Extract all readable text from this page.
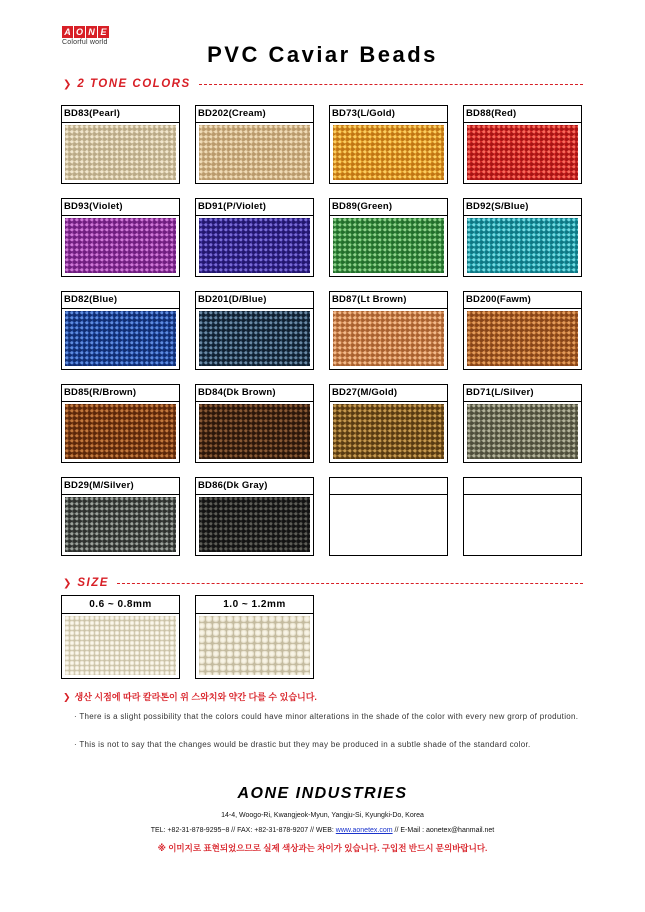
A O N E
Colorful world	PVC Caviar Beads
❯ 2 TONE COLORS
BD83(Pearl)	BD202(Cream)	BD73(L/Gold)	BD88(Red)
BD93(Violet)	BD91(P/Violet)	BD89(Green)	BD92(S/Blue)
BD82(Blue)	BD201(D/Blue)	BD87(Lt Brown)	BD200(Fawm)
BD85(R/Brown)	BD84(Dk Brown)	BD27(M/Gold)	BD71(L/Silver)
BD29(M/Silver)	BD86(Dk Gray)
❯ SIZE
0.6 ~ 0.8mm	1.0 ~ 1.2mm
❯ 생산 시점에 따라 칼라톤이 위 스와치와 약간 다를 수 있습니다.
· There is a slight possibility that the colors could have minor alterations in the shade of the color with every new grorp of prodution.
· This is not to say that the changes would be drastic but they may be produced in a subtle shade of the standard color.
AONE INDUSTRIES
14-4, Woogo-Ri, Kwangjeok-Myun, Yangju-Si, Kyungki-Do, Korea
TEL: +82-31-878-9295~8 // FAX: +82-31-878-9207 // WEB: www.aonetex.com // E-Mail : aonetex@hanmail.net
※ 이미지로 표현되었으므로 실제 색상과는 차이가 있습니다. 구입전 반드시 문의바랍니다.
